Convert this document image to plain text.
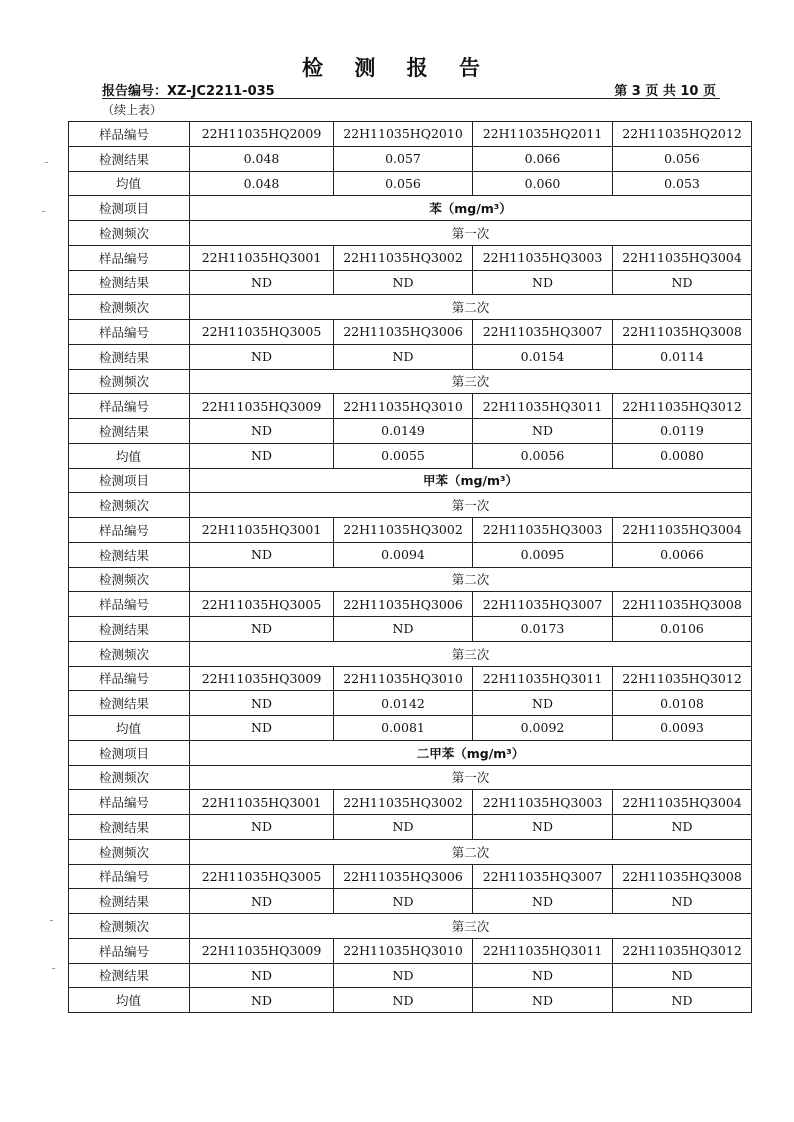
检 测 报 告
报告编号：XZ-JC2211-035	第 3 页 共 10 页
（续上表）
样品编号	22H11035HQ2009	22H11035HQ2010	22H11035HQ2011	22H11035HQ2012
检测结果	0.048	0.057	0.066	0.056
均值	0.048	0.056	0.060	0.053
检测项目	苯（mg/m³）			
检测频次	第一次			
样品编号	22H11035HQ3001	22H11035HQ3002	22H11035HQ3003	22H11035HQ3004
检测结果	ND	ND	ND	ND
检测频次	第二次			
样品编号	22H11035HQ3005	22H11035HQ3006	22H11035HQ3007	22H11035HQ3008
检测结果	ND	ND	0.0154	0.0114
检测频次	第三次			
样品编号	22H11035HQ3009	22H11035HQ3010	22H11035HQ3011	22H11035HQ3012
检测结果	ND	0.0149	ND	0.0119
均值	ND	0.0055	0.0056	0.0080
检测项目	甲苯（mg/m³）			
检测频次	第一次			
样品编号	22H11035HQ3001	22H11035HQ3002	22H11035HQ3003	22H11035HQ3004
检测结果	ND	0.0094	0.0095	0.0066
检测频次	第二次			
样品编号	22H11035HQ3005	22H11035HQ3006	22H11035HQ3007	22H11035HQ3008
检测结果	ND	ND	0.0173	0.0106
检测频次	第三次			
样品编号	22H11035HQ3009	22H11035HQ3010	22H11035HQ3011	22H11035HQ3012
检测结果	ND	0.0142	ND	0.0108
均值	ND	0.0081	0.0092	0.0093
检测项目	二甲苯（mg/m³）			
检测频次	第一次			
样品编号	22H11035HQ3001	22H11035HQ3002	22H11035HQ3003	22H11035HQ3004
检测结果	ND	ND	ND	ND
检测频次	第二次			
样品编号	22H11035HQ3005	22H11035HQ3006	22H11035HQ3007	22H11035HQ3008
检测结果	ND	ND	ND	ND
检测频次	第三次			
样品编号	22H11035HQ3009	22H11035HQ3010	22H11035HQ3011	22H11035HQ3012
检测结果	ND	ND	ND	ND
均值	ND	ND	ND	ND
